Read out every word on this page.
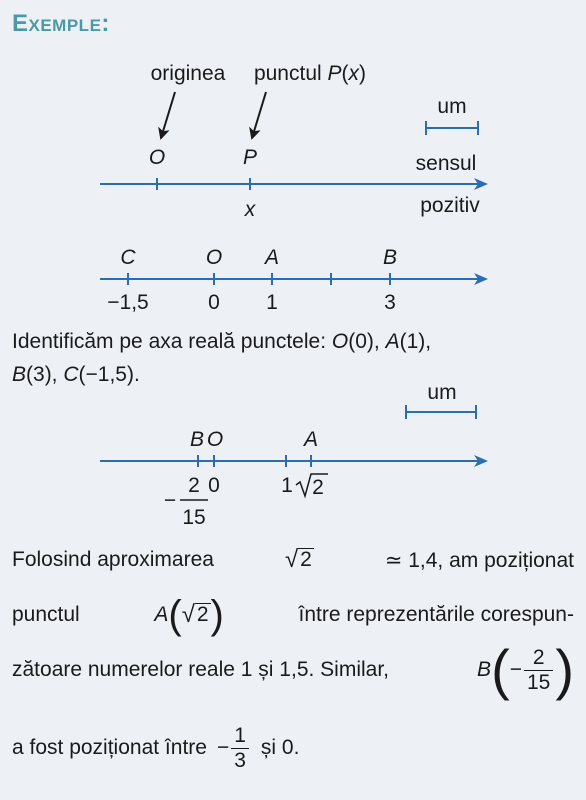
Exemple:
originea punctul P(x)
O	P
um
sensul
x	pozitiv
C	O A	B
−1,5	0 1	3
um
B O	A
−
2
15
0	1 2
Identificăm pe axa reală punctele: O(0), A(1),
B(3), C(−1,5).
Folosind aproximarea	√ 2	≃ 1,4, am poziționat
punctul	A ( √ 2 )	între reprezentările corespun-
zătoare numerelor reale 1 și 1,5. Similar,	B ( − $\frac{2}{15}$ )
a fost poziționat între − $\frac{1}{3}$ și 0.
